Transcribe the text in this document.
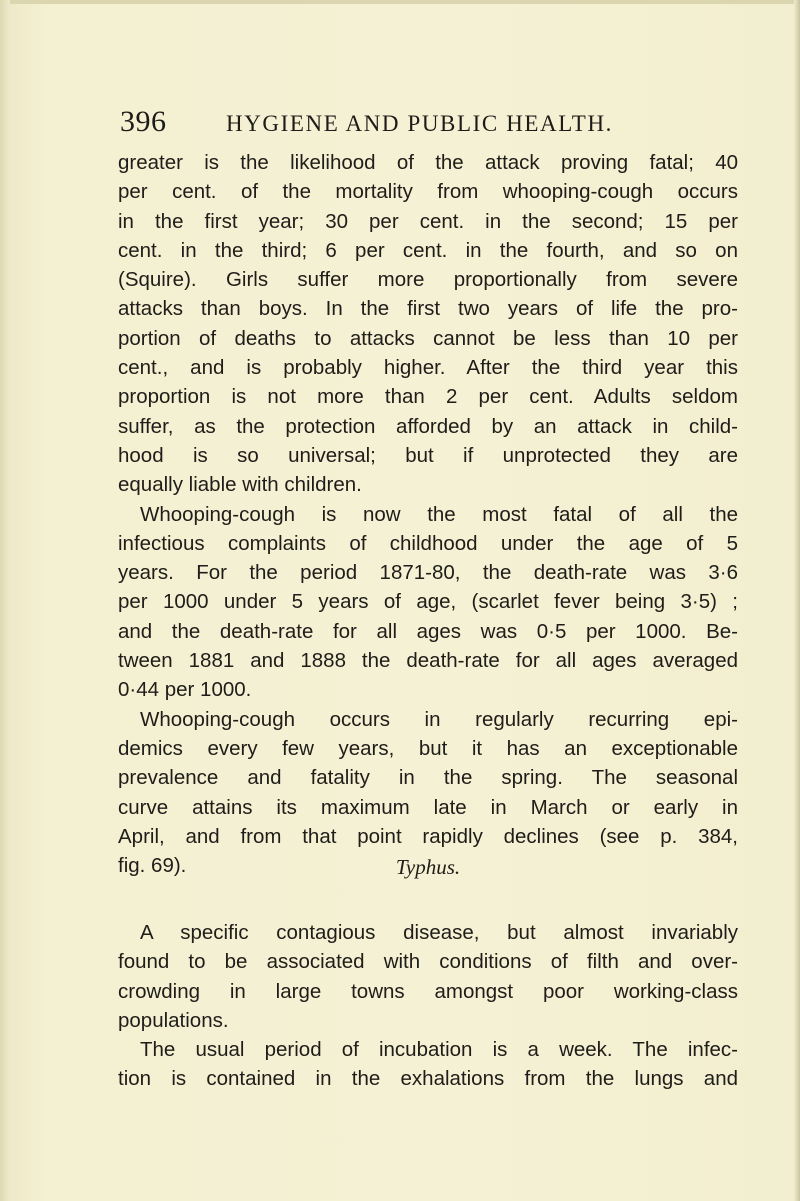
396	HYGIENE AND PUBLIC HEALTH.
greater is the likelihood of the attack proving fatal; 40
per cent. of the mortality from whooping-cough occurs
in the first year; 30 per cent. in the second; 15 per
cent. in the third; 6 per cent. in the fourth, and so on
(Squire). Girls suffer more proportionally from severe
attacks than boys. In the first two years of life the pro-
portion of deaths to attacks cannot be less than 10 per
cent., and is probably higher. After the third year this
proportion is not more than 2 per cent. Adults seldom
suffer, as the protection afforded by an attack in child-
hood is so universal; but if unprotected they are
equally liable with children.
Whooping-cough is now the most fatal of all the
infectious complaints of childhood under the age of 5
years. For the period 1871-80, the death-rate was 3·6
per 1000 under 5 years of age, (scarlet fever being 3·5) ;
and the death-rate for all ages was 0·5 per 1000. Be-
tween 1881 and 1888 the death-rate for all ages averaged
0·44 per 1000.
Whooping-cough occurs in regularly recurring epi-
demics every few years, but it has an exceptionable
prevalence and fatality in the spring. The seasonal
curve attains its maximum late in March or early in
April, and from that point rapidly declines (see p. 384,
fig. 69).	Typhus.
A specific contagious disease, but almost invariably
found to be associated with conditions of filth and over-
crowding in large towns amongst poor working-class
populations.
The usual period of incubation is a week. The infec-
tion is contained in the exhalations from the lungs and
